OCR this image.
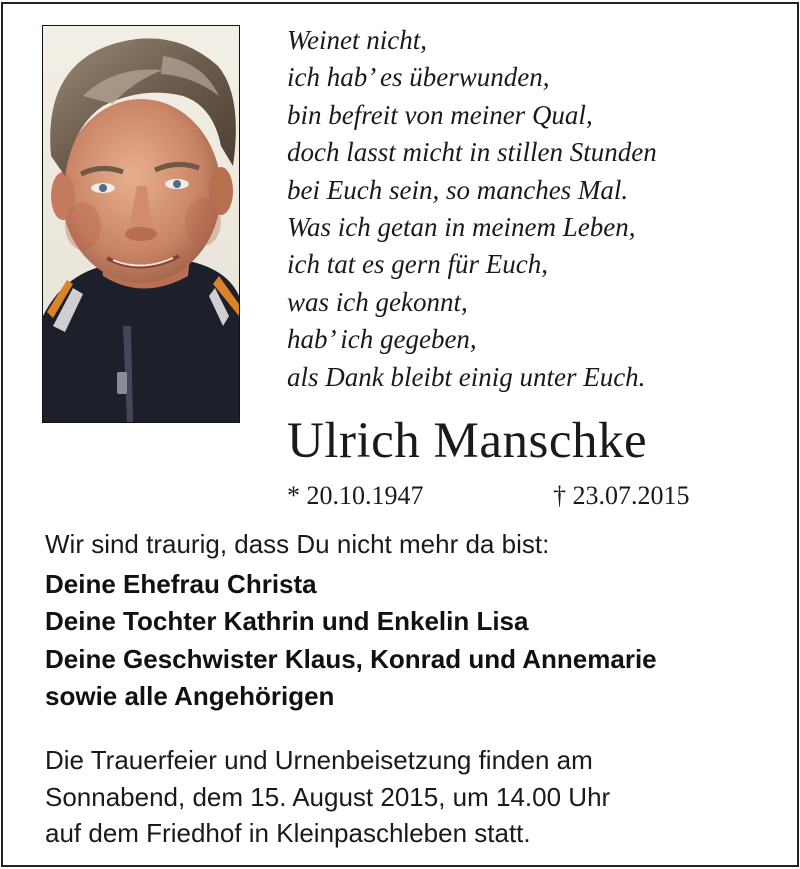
Weinet nicht,
ich hab’ es überwunden,
bin befreit von meiner Qual,
doch lasst micht in stillen Stunden
bei Euch sein, so manches Mal.
Was ich getan in meinem Leben,
ich tat es gern für Euch,
was ich gekonnt,
hab’ ich gegeben,
als Dank bleibt einig unter Euch.
Ulrich Manschke
* 20.10.1947	† 23.07.2015
Wir sind traurig, dass Du nicht mehr da bist:
Deine Ehefrau Christa
Deine Tochter Kathrin und Enkelin Lisa
Deine Geschwister Klaus, Konrad und Annemarie
sowie alle Angehörigen
Die Trauerfeier und Urnenbeisetzung finden am
Sonnabend, dem 15. August 2015, um 14.00 Uhr
auf dem Friedhof in Kleinpaschleben statt.
